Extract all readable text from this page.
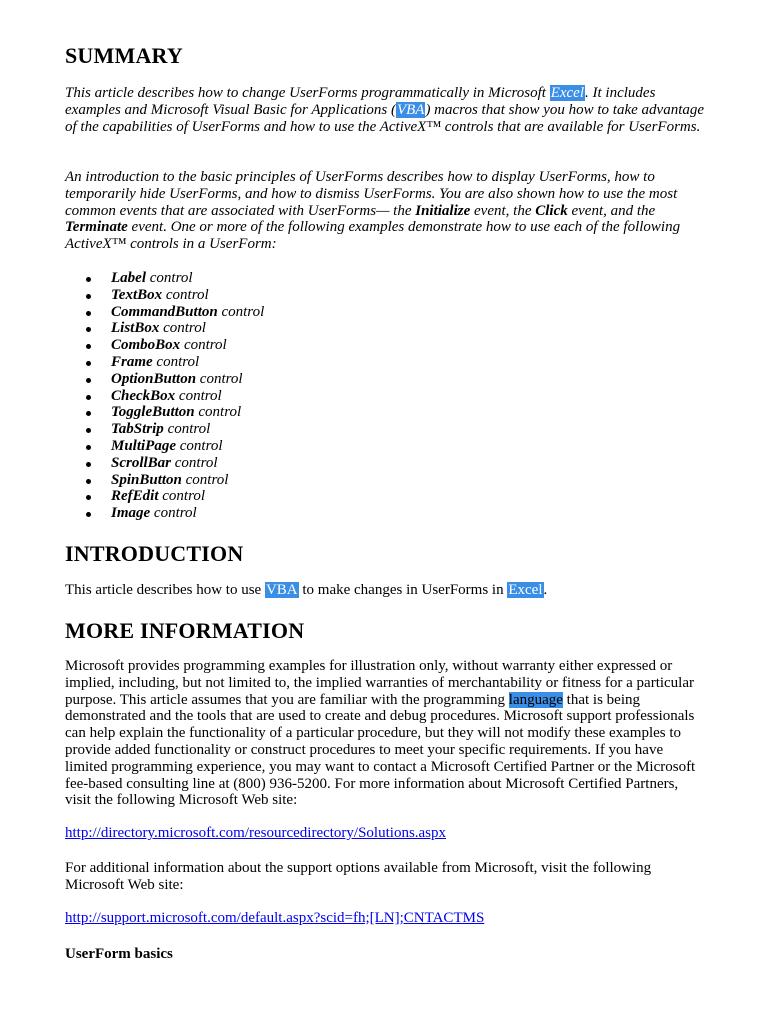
SUMMARY

This article describes how to change UserForms programmatically in Microsoft Excel. It includes examples and Microsoft Visual Basic for Applications (VBA) macros that show you how to take advantage of the capabilities of UserForms and how to use the ActiveX™ controls that are available for UserForms.

An introduction to the basic principles of UserForms describes how to display UserForms, how to temporarily hide UserForms, and how to dismiss UserForms. You are also shown how to use the most common events that are associated with UserForms— the Initialize event, the Click event, and the Terminate event. One or more of the following examples demonstrate how to use each of the following ActiveX™ controls in a UserForm:

Label control
TextBox control
CommandButton control
ListBox control
ComboBox control
Frame control
OptionButton control
CheckBox control
ToggleButton control
TabStrip control
MultiPage control
ScrollBar control
SpinButton control
RefEdit control
Image control
INTRODUCTION

This article describes how to use VBA to make changes in UserForms in Excel.

MORE INFORMATION

Microsoft provides programming examples for illustration only, without warranty either expressed or implied, including, but not limited to, the implied warranties of merchantability or fitness for a particular purpose. This article assumes that you are familiar with the programming language that is being demonstrated and the tools that are used to create and debug procedures. Microsoft support professionals can help explain the functionality of a particular procedure, but they will not modify these examples to provide added functionality or construct procedures to meet your specific requirements. If you have limited programming experience, you may want to contact a Microsoft Certified Partner or the Microsoft fee-based consulting line at (800) 936-5200. For more information about Microsoft Certified Partners, visit the following Microsoft Web site:

http://directory.microsoft.com/resourcedirectory/Solutions.aspx

For additional information about the support options available from Microsoft, visit the following Microsoft Web site:

http://support.microsoft.com/default.aspx?scid=fh;[LN];CNTACTMS

UserForm basics
